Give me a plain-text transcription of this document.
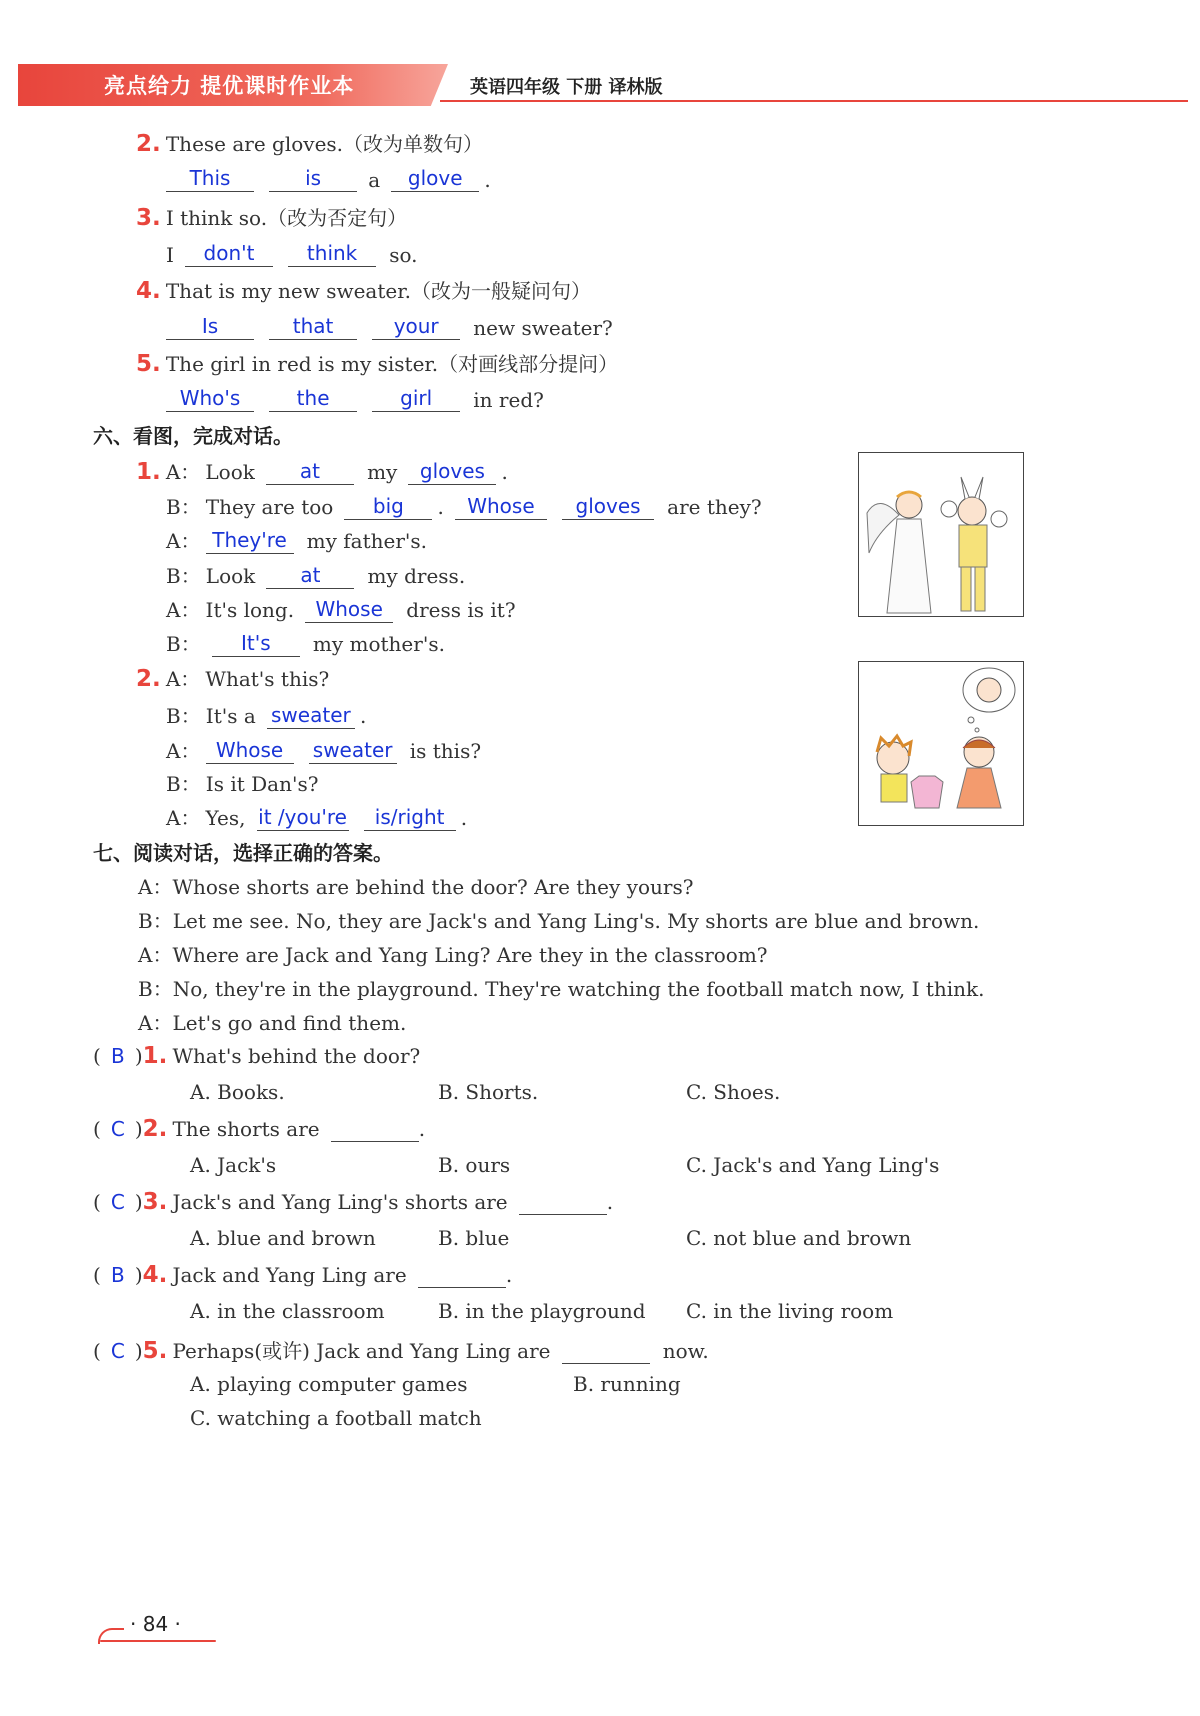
亮点给力 提优课时作业本	英语四年级 下册 译林版
2. These are gloves.（改为单数句）
This	is a glove .
3. I think so.（改为否定句）
I don't	think so.
4. That is my new sweater.（改为一般疑问句）
Is	that	your new sweater?
5. The girl in red is my sister.（对画线部分提问）
Who's	the	girl in red?
六、看图，完成对话。
1. A： Look at my gloves .
B： They are too big . Whose gloves are they?
A： They're my father's.
B： Look at my dress.
A： It's long. Whose dress is it?
B： It's my mother's.
2. A： What's this?
B： It's a sweater .
A： Whose sweater is this?
B： Is it Dan's?
A： Yes, it /you're is/right .
七、阅读对话，选择正确的答案。
A：Whose shorts are behind the door? Are they yours?
B：Let me see. No, they are Jack's and Yang Ling's. My shorts are blue and brown.
A：Where are Jack and Yang Ling? Are they in the classroom?
B：No, they're in the playground. They're watching the football match now, I think.
A：Let's go and find them.
( B )1. What's behind the door?
A. Books.	B. Shorts.	C. Shoes.
( C )2. The shorts are	.
A. Jack's	B. ours	C. Jack's and Yang Ling's
( C )3. Jack's and Yang Ling's shorts are	.
A. blue and brown	B. blue	C. not blue and brown
( B )4. Jack and Yang Ling are	.
A. in the classroom	B. in the playground C. in the living room
( C )5. Perhaps(或许) Jack and Yang Ling are	now.
A. playing computer games	B. running
C. watching a football match
· 84 ·
